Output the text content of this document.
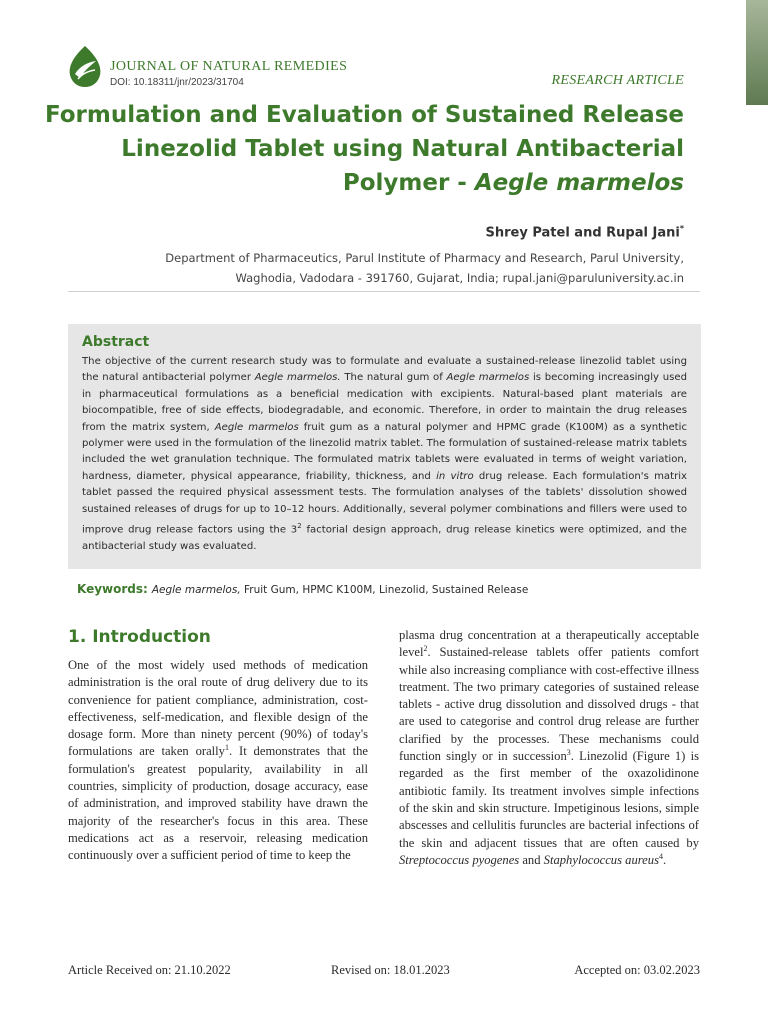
JOURNAL OF NATURAL REMEDIES
DOI: 10.18311/jnr/2023/31704	RESEARCH ARTICLE
Formulation and Evaluation of Sustained Release
Linezolid Tablet using Natural Antibacterial
Polymer - Aegle marmelos
Shrey Patel and Rupal Jani*
Department of Pharmaceutics, Parul Institute of Pharmacy and Research, Parul University,
Waghodia, Vadodara - 391760, Gujarat, India; rupal.jani@paruluniversity.ac.in
Abstract

The objective of the current research study was to formulate and evaluate a sustained-release linezolid tablet using the natural antibacterial polymer Aegle marmelos. The natural gum of Aegle marmelos is becoming increasingly used in pharmaceutical formulations as a beneficial medication with excipients. Natural-based plant materials are biocompatible, free of side effects, biodegradable, and economic. Therefore, in order to maintain the drug releases from the matrix system, Aegle marmelos fruit gum as a natural polymer and HPMC grade (K100M) as a synthetic polymer were used in the formulation of the linezolid matrix tablet. The formulation of sustained-release matrix tablets included the wet granulation technique. The formulated matrix tablets were evaluated in terms of weight variation, hardness, diameter, physical appearance, friability, thickness, and in vitro drug release. Each formulation's matrix tablet passed the required physical assessment tests. The formulation analyses of the tablets' dissolution showed sustained releases of drugs for up to 10–12 hours. Additionally, several polymer combinations and fillers were used to improve drug release factors using the $3^2$ factorial design approach, drug release kinetics were optimized, and the antibacterial study was evaluated.

Keywords: Aegle marmelos, Fruit Gum, HPMC K100M, Linezolid, Sustained Release
1. Introduction

One of the most widely used methods of medication administration is the oral route of drug delivery due to its convenience for patient compliance, administration, cost-effectiveness, self-medication, and flexible design of the dosage form. More than ninety percent (90%) of today's formulations are taken orally$^1$. It demonstrates that the formulation's greatest popularity, availability in all countries, simplicity of production, dosage accuracy, ease of administration, and improved stability have drawn the majority of the researcher's focus in this area. These medications act as a reservoir, releasing medication continuously over a sufficient period of time to keep the

plasma drug concentration at a therapeutically acceptable level$^2$. Sustained-release tablets offer patients comfort while also increasing compliance with cost-effective illness treatment. The two primary categories of sustained release tablets - active drug dissolution and dissolved drugs - that are used to categorise and control drug release are further clarified by the processes. These mechanisms could function singly or in succession$^3$. Linezolid (Figure 1) is regarded as the first member of the oxazolidinone antibiotic family. Its treatment involves simple infections of the skin and skin structure. Impetiginous lesions, simple abscesses and cellulitis furuncles are bacterial infections of the skin and adjacent tissues that are often caused by Streptococcus pyogenes and Staphylococcus aureus$^4$.

Article Received on: 21.10.2022	Revised on: 18.01.2023	Accepted on: 03.02.2023
